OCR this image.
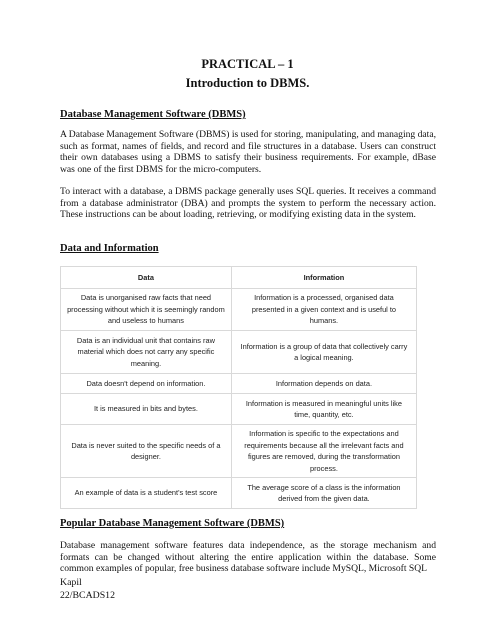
PRACTICAL – 1
Introduction to DBMS.
Database Management Software (DBMS)

A Database Management Software (DBMS) is used for storing, manipulating, and managing data, such as format, names of fields, and record and file structures in a database. Users can construct their own databases using a DBMS to satisfy their business requirements. For example, dBase was one of the first DBMS for the micro-computers.

To interact with a database, a DBMS package generally uses SQL queries. It receives a command from a database administrator (DBA) and prompts the system to perform the necessary action. These instructions can be about loading, retrieving, or modifying existing data in the system.

Data and Information
Data	Information
Data is unorganised raw facts that need processing without which it is seemingly random and useless to humans	Information is a processed, organised data presented in a given context and is useful to humans.
Data is an individual unit that contains raw material which does not carry any specific meaning.	Information is a group of data that collectively carry a logical meaning.
Data doesn't depend on information.	Information depends on data.
It is measured in bits and bytes.	Information is measured in meaningful units like time, quantity, etc.
Data is never suited to the specific needs of a designer.	Information is specific to the expectations and requirements because all the irrelevant facts and figures are removed, during the transformation process.
An example of data is a student's test score	The average score of a class is the information derived from the given data.
Popular Database Management Software (DBMS)

Database management software features data independence, as the storage mechanism and formats can be changed without altering the entire application within the database. Some common examples of popular, free business database software include MySQL, Microsoft SQL

Kapil
22/BCADS12
